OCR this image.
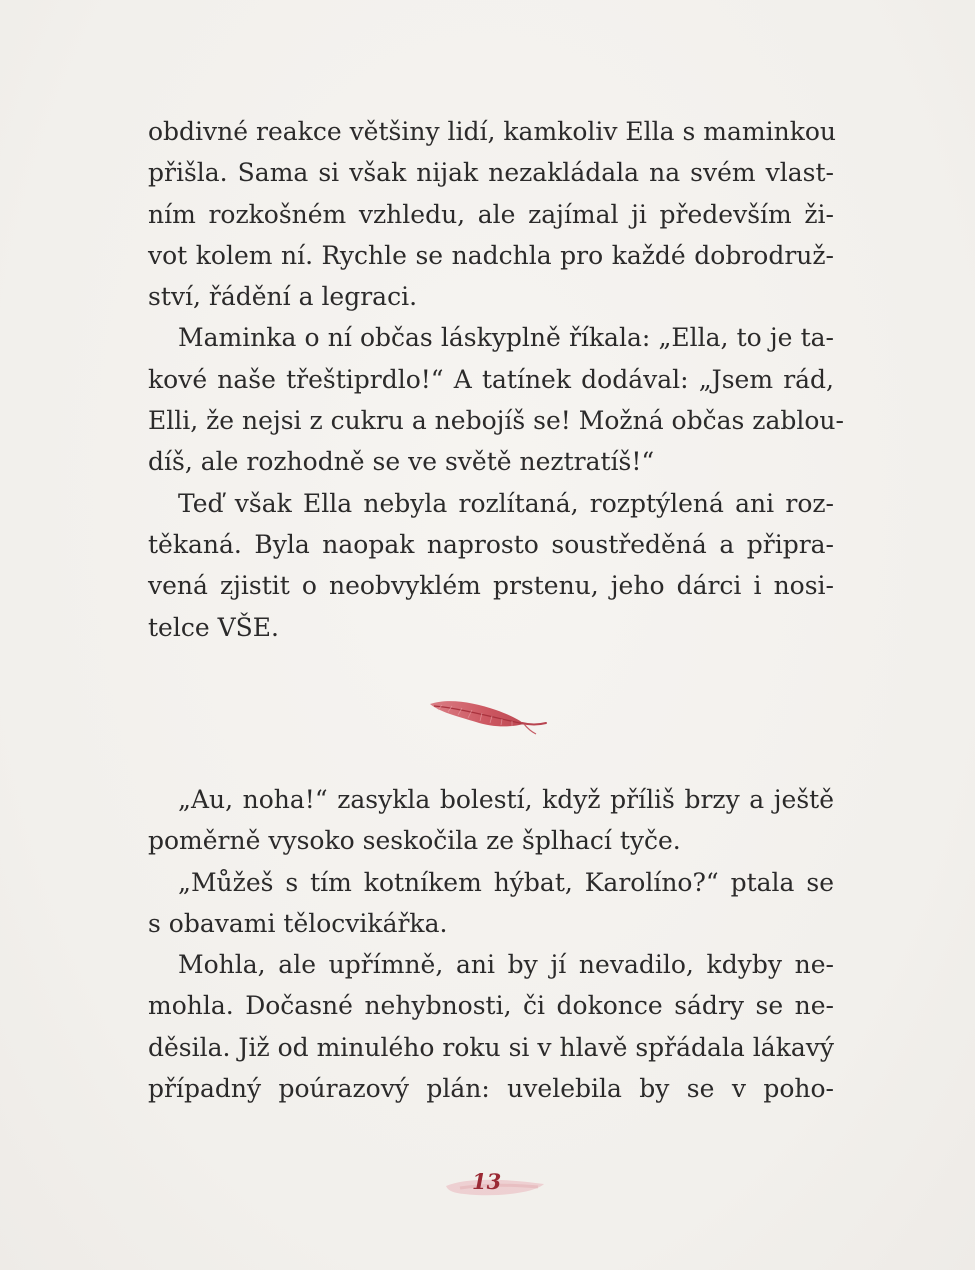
obdivné reakce většiny lidí, kamkoliv Ella s maminkou
přišla. Sama si však nijak nezakládala na svém vlast-
ním rozkošném vzhledu, ale zajímal ji především ži-
vot kolem ní. Rychle se nadchla pro každé dobrodruž-
ství, řádění a legraci.
Maminka o ní občas láskyplně říkala: „Ella, to je ta-
kové naše třeštiprdlo!“ A tatínek dodával: „Jsem rád,
Elli, že nejsi z cukru a nebojíš se! Možná občas zablou-
díš, ale rozhodně se ve světě neztratíš!“
Teď však Ella nebyla rozlítaná, rozptýlená ani roz-
těkaná. Byla naopak naprosto soustředěná a připra-
vená zjistit o neobvyklém prstenu, jeho dárci i nosi-
telce VŠE.
„Au, noha!“ zasykla bolestí, když příliš brzy a ještě
poměrně vysoko seskočila ze šplhací tyče.
„Můžeš s tím kotníkem hýbat, Karolíno?“ ptala se
s obavami tělocvikářka.
Mohla, ale upřímně, ani by jí nevadilo, kdyby ne-
mohla. Dočasné nehybnosti, či dokonce sádry se ne-
děsila. Již od minulého roku si v hlavě spřádala lákavý
případný poúrazový plán: uvelebila by se v poho-
13
